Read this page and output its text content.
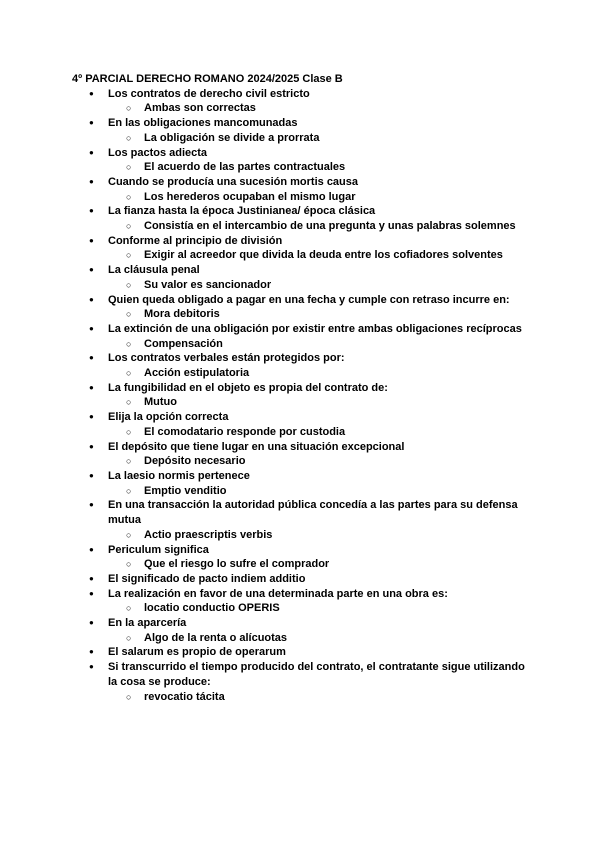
4º PARCIAL DERECHO ROMANO 2024/2025 Clase B
● Los contratos de derecho civil estricto
○ Ambas son correctas
● En las obligaciones mancomunadas
○ La obligación se divide a prorrata
● Los pactos adiecta
○ El acuerdo de las partes contractuales
● Cuando se producía una sucesión mortis causa
○ Los herederos ocupaban el mismo lugar
● La fianza hasta la época Justinianea/ época clásica
○ Consistía en el intercambio de una pregunta y unas palabras solemnes
● Conforme al principio de división
○ Exigir al acreedor que divida la deuda entre los cofiadores solventes
● La cláusula penal
○ Su valor es sancionador
● Quien queda obligado a pagar en una fecha y cumple con retraso incurre en:
○ Mora debitoris
● La extinción de una obligación por existir entre ambas obligaciones recíprocas
○ Compensación
● Los contratos verbales están protegidos por:
○ Acción estipulatoria
● La fungibilidad en el objeto es propia del contrato de:
○ Mutuo
● Elija la opción correcta
○ El comodatario responde por custodia
● El depósito que tiene lugar en una situación excepcional
○ Depósito necesario
● La laesio normis pertenece
○ Emptio venditio
● En una transacción la autoridad pública concedía a las partes para su defensa mutua
○ Actio praescriptis verbis
● Periculum significa
○ Que el riesgo lo sufre el comprador
● El significado de pacto indiem additio
● La realización en favor de una determinada parte en una obra es:
○ locatio conductio OPERIS
● En la aparcería
○ Algo de la renta o alícuotas
● El salarum es propio de operarum
● Si transcurrido el tiempo producido del contrato, el contratante sigue utilizando la cosa se produce:
○ revocatio tácita
